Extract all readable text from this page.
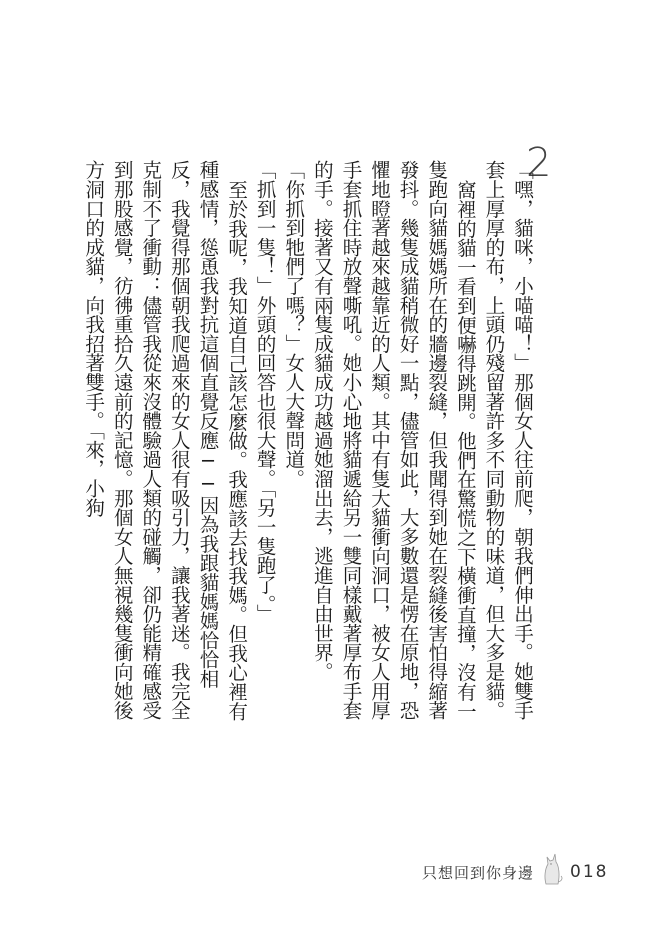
2

「嘿，貓咪，小喵喵！」那個女人往前爬，朝我們伸出手。她雙手套上厚厚的布，上頭仍殘留著許多不同動物的味道，但大多是貓。

窩裡的貓一看到便嚇得跳開。他們在驚慌之下橫衝直撞，沒有一隻跑向貓媽媽所在的牆邊裂縫，但我聞得到她在裂縫後害怕得縮著發抖。幾隻成貓稍微好一點，儘管如此，大多數還是愣在原地，恐懼地瞪著越來越靠近的人類。其中有隻大貓衝向洞口，被女人用厚手套抓住時放聲嘶吼。她小心地將貓遞給另一雙同樣戴著厚布手套的手。接著又有兩隻成貓成功越過她溜出去，逃進自由世界。

「你抓到牠們了嗎？」女人大聲問道。

「抓到一隻！」外頭的回答也很大聲。「另一隻跑了。」

至於我呢，我知道自己該怎麼做。我應該去找我媽。但我心裡有種感情，慫恿我對抗這個直覺反應──因為我跟貓媽媽恰恰相反，我覺得那個朝我爬過來的女人很有吸引力，讓我著迷。我完全克制不了衝動：儘管我從來沒體驗過人類的碰觸，卻仍能精確感受到那股感覺，彷彿重拾久遠前的記憶。那個女人無視幾隻衝向她後方洞口的成貓，向我招著雙手。「來，小狗

只想回到你身邊 018
